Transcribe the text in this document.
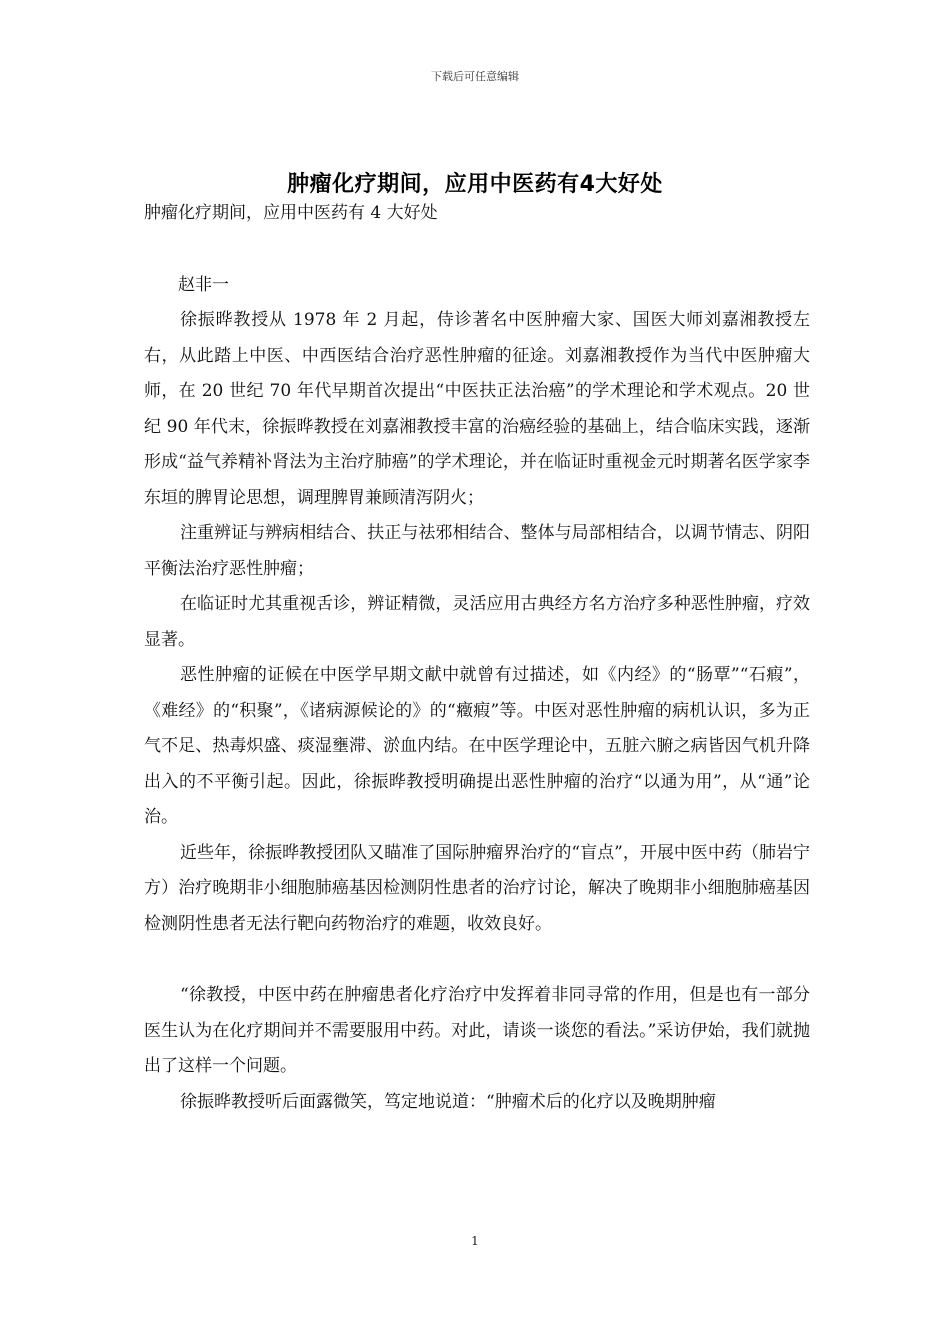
下载后可任意编辑
肿瘤化疗期间，应用中医药有4大好处

肿瘤化疗期间，应用中医药有 4 大好处

赵非一

徐振晔教授从 1978 年 2 月起，侍诊著名中医肿瘤大家、国医大师刘嘉湘教授左右，从此踏上中医、中西医结合治疗恶性肿瘤的征途。刘嘉湘教授作为当代中医肿瘤大师，在 20 世纪 70 年代早期首次提出“中医扶正法治癌”的学术理论和学术观点。20 世纪 90 年代末，徐振晔教授在刘嘉湘教授丰富的治癌经验的基础上，结合临床实践，逐渐形成“益气养精补肾法为主治疗肺癌”的学术理论，并在临证时重视金元时期著名医学家李东垣的脾胃论思想，调理脾胃兼顾清泻阴火；

注重辨证与辨病相结合、扶正与祛邪相结合、整体与局部相结合，以调节情志、阴阳平衡法治疗恶性肿瘤；

在临证时尤其重视舌诊，辨证精微，灵活应用古典经方名方治疗多种恶性肿瘤，疗效显著。

恶性肿瘤的证候在中医学早期文献中就曾有过描述，如《内经》的“肠覃”“石瘕”，《难经》的“积聚”，《诸病源候论的》的“癥瘕”等。中医对恶性肿瘤的病机认识，多为正气不足、热毒炽盛、痰湿壅滞、淤血内结。在中医学理论中，五脏六腑之病皆因气机升降出入的不平衡引起。因此，徐振晔教授明确提出恶性肿瘤的治疗“以通为用”，从“通”论治。

近些年，徐振晔教授团队又瞄准了国际肿瘤界治疗的“盲点”，开展中医中药（肺岩宁方）治疗晚期非小细胞肺癌基因检测阴性患者的治疗讨论，解决了晚期非小细胞肺癌基因检测阴性患者无法行靶向药物治疗的难题，收效良好。

“徐教授，中医中药在肿瘤患者化疗治疗中发挥着非同寻常的作用，但是也有一部分医生认为在化疗期间并不需要服用中药。对此，请谈一谈您的看法。”采访伊始，我们就抛出了这样一个问题。

徐振晔教授听后面露微笑，笃定地说道：“肿瘤术后的化疗以及晚期肿瘤

1
